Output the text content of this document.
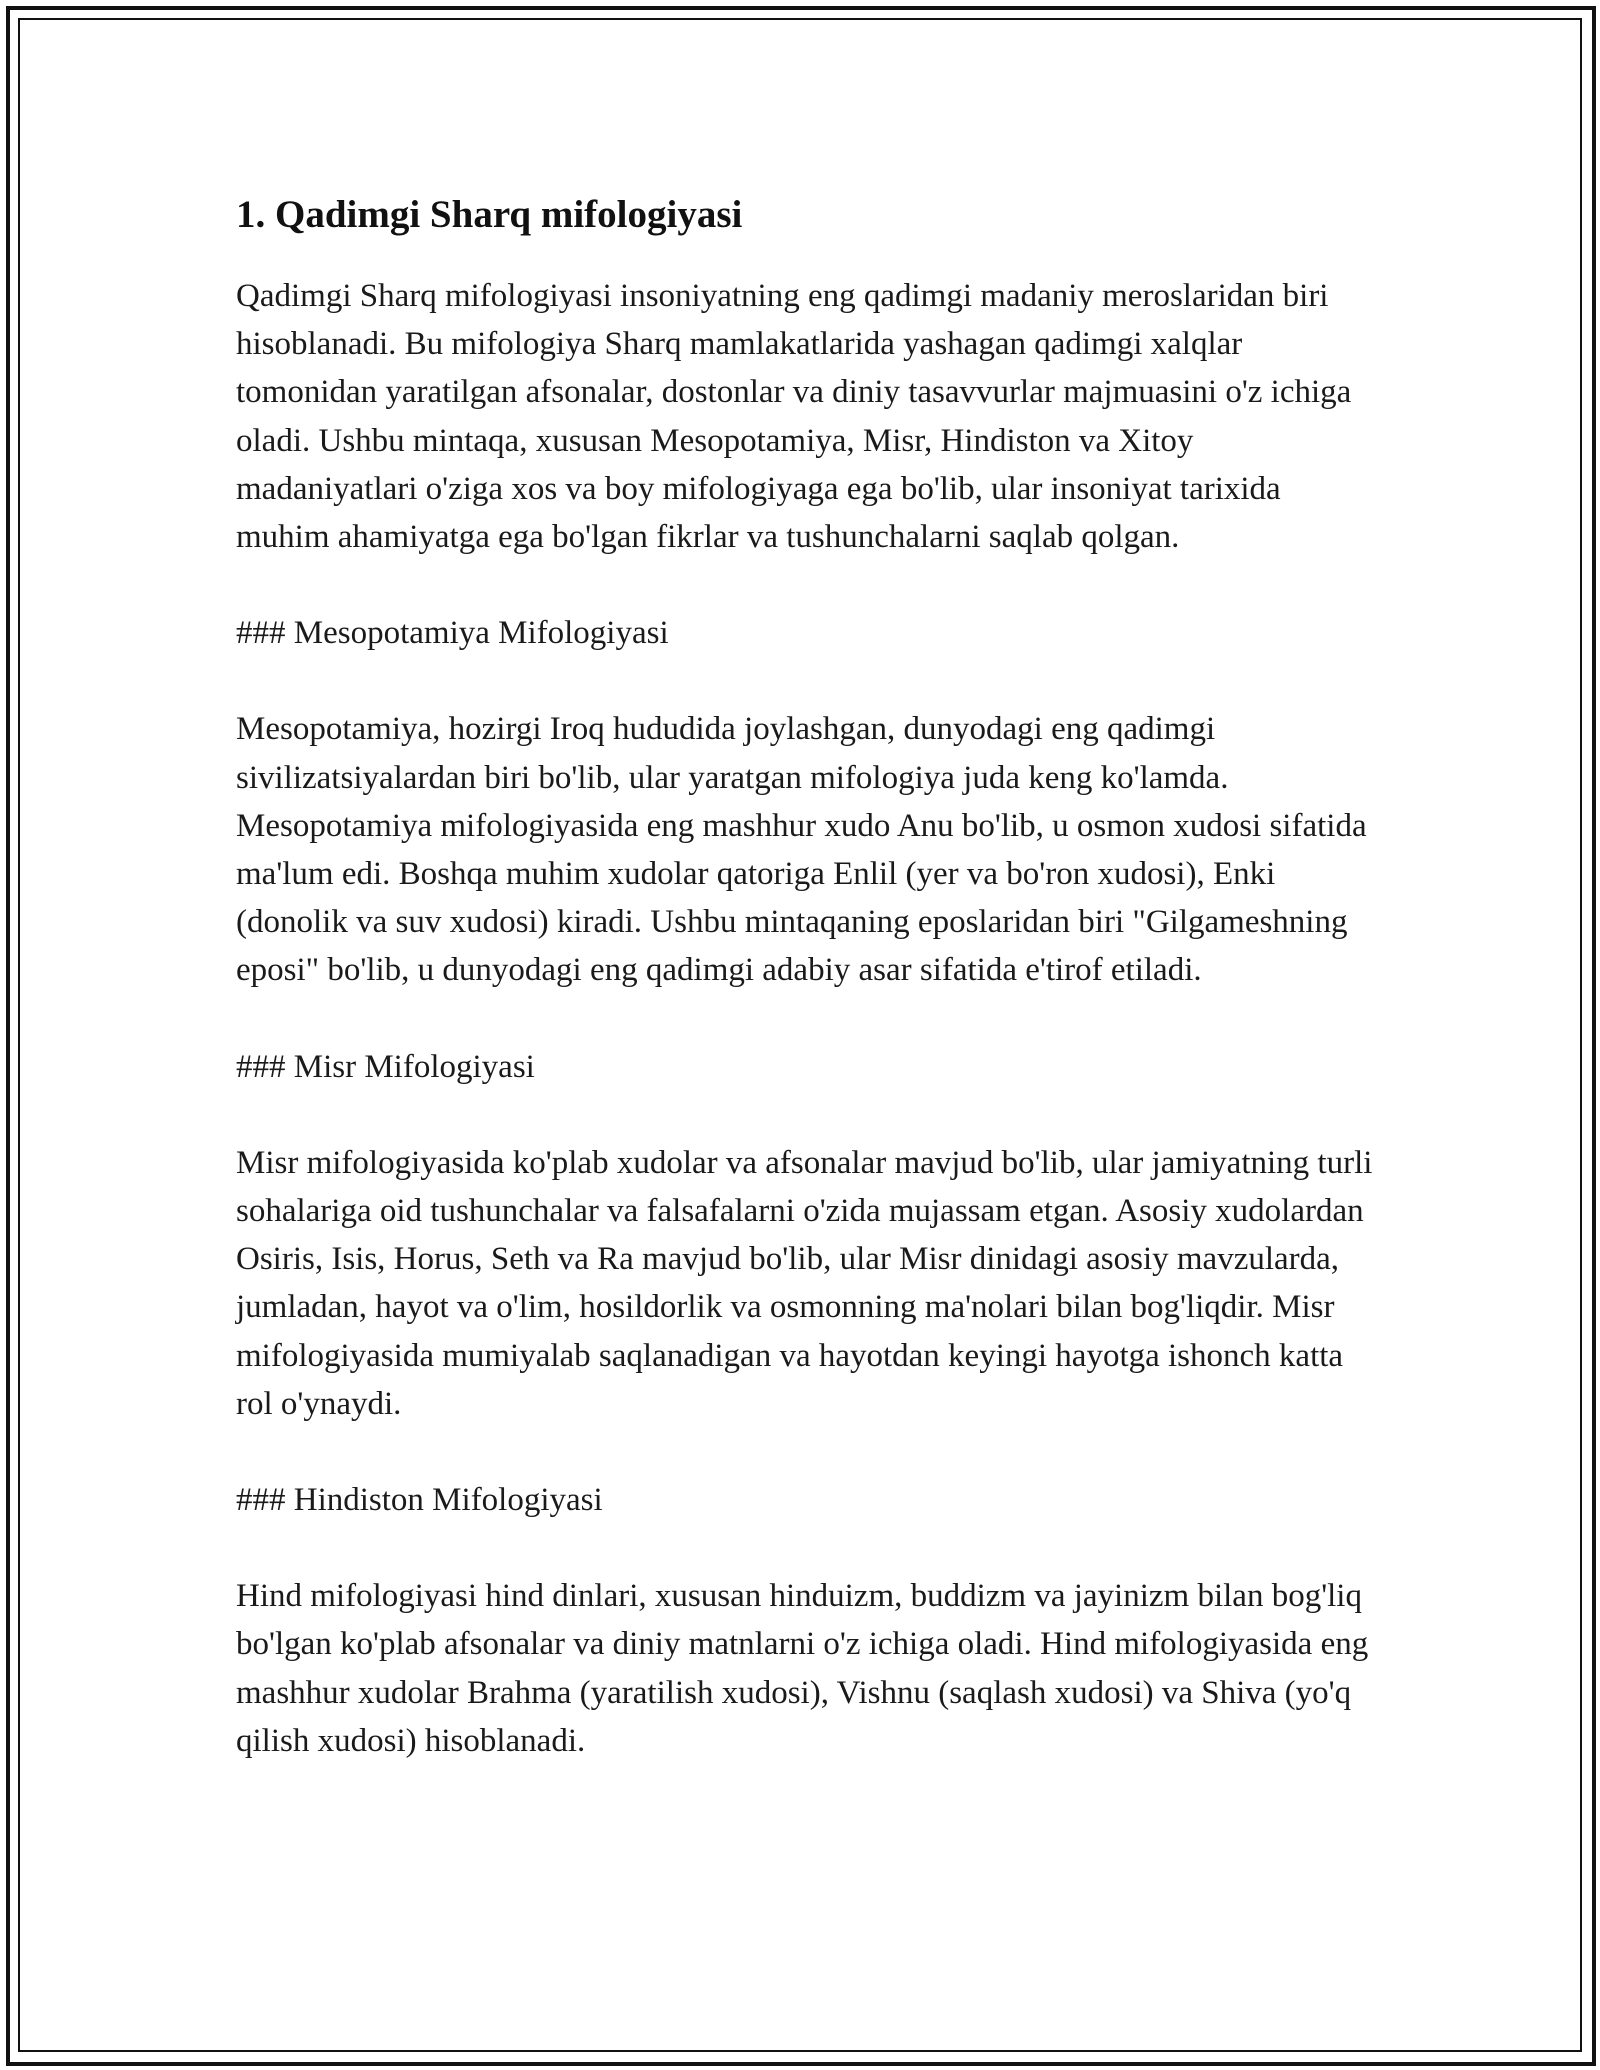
1. Qadimgi Sharq mifologiyasi

Qadimgi Sharq mifologiyasi insoniyatning eng qadimgi madaniy meroslaridan biri hisoblanadi. Bu mifologiya Sharq mamlakatlarida yashagan qadimgi xalqlar tomonidan yaratilgan afsonalar, dostonlar va diniy tasavvurlar majmuasini o'z ichiga oladi. Ushbu mintaqa, xususan Mesopotamiya, Misr, Hindiston va Xitoy madaniyatlari o'ziga xos va boy mifologiyaga ega bo'lib, ular insoniyat tarixida muhim ahamiyatga ega bo'lgan fikrlar va tushunchalarni saqlab qolgan.

### Mesopotamiya Mifologiyasi

Mesopotamiya, hozirgi Iroq hududida joylashgan, dunyodagi eng qadimgi sivilizatsiyalardan biri bo'lib, ular yaratgan mifologiya juda keng ko'lamda. Mesopotamiya mifologiyasida eng mashhur xudo Anu bo'lib, u osmon xudosi sifatida ma'lum edi. Boshqa muhim xudolar qatoriga Enlil (yer va bo'ron xudosi), Enki (donolik va suv xudosi) kiradi. Ushbu mintaqaning eposlaridan biri "Gilgameshning eposi" bo'lib, u dunyodagi eng qadimgi adabiy asar sifatida e'tirof etiladi.

### Misr Mifologiyasi

Misr mifologiyasida ko'plab xudolar va afsonalar mavjud bo'lib, ular jamiyatning turli sohalariga oid tushunchalar va falsafalarni o'zida mujassam etgan. Asosiy xudolardan Osiris, Isis, Horus, Seth va Ra mavjud bo'lib, ular Misr dinidagi asosiy mavzularda, jumladan, hayot va o'lim, hosildorlik va osmonning ma'nolari bilan bog'liqdir. Misr mifologiyasida mumiyalab saqlanadigan va hayotdan keyingi hayotga ishonch katta rol o'ynaydi.

### Hindiston Mifologiyasi

Hind mifologiyasi hind dinlari, xususan hinduizm, buddizm va jayinizm bilan bog'liq bo'lgan ko'plab afsonalar va diniy matnlarni o'z ichiga oladi. Hind mifologiyasida eng mashhur xudolar Brahma (yaratilish xudosi), Vishnu (saqlash xudosi) va Shiva (yo'q qilish xudosi) hisoblanadi.
